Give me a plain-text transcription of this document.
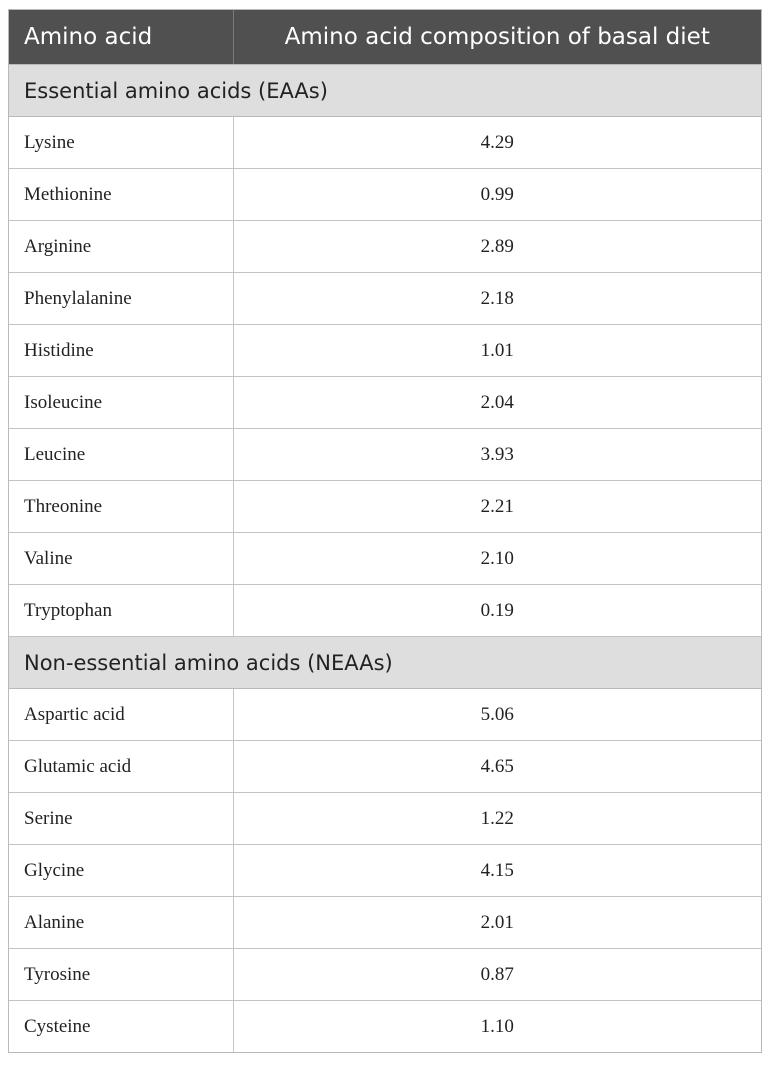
Amino acid	Amino acid composition of basal diet
Essential amino acids (EAAs)	
Lysine	4.29
Methionine	0.99
Arginine	2.89
Phenylalanine	2.18
Histidine	1.01
Isoleucine	2.04
Leucine	3.93
Threonine	2.21
Valine	2.10
Tryptophan	0.19
Non-essential amino acids (NEAAs)	
Aspartic acid	5.06
Glutamic acid	4.65
Serine	1.22
Glycine	4.15
Alanine	2.01
Tyrosine	0.87
Cysteine	1.10
